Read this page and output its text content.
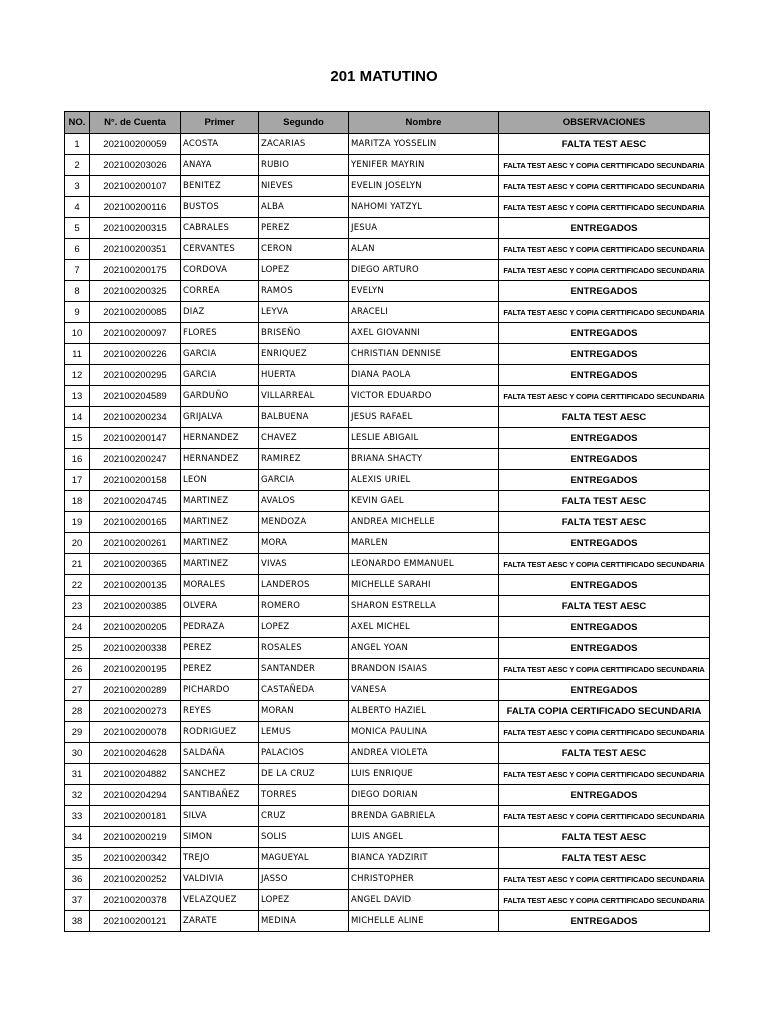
201 MATUTINO
NO.	N°. de Cuenta	Primer	Segundo	Nombre	OBSERVACIONES
1	202100200059	ACOSTA	ZACARIAS	MARITZA YOSSELIN	FALTA TEST AESC
2	202100203026	ANAYA	RUBIO	YENIFER MAYRIN	FALTA TEST AESC Y COPIA CERTTIFICADO SECUNDARIA
3	202100200107	BENITEZ	NIEVES	EVELIN JOSELYN	FALTA TEST AESC Y COPIA CERTTIFICADO SECUNDARIA
4	202100200116	BUSTOS	ALBA	NAHOMI YATZYL	FALTA TEST AESC Y COPIA CERTTIFICADO SECUNDARIA
5	202100200315	CABRALES	PEREZ	JESUA	ENTREGADOS
6	202100200351	CERVANTES	CERON	ALAN	FALTA TEST AESC Y COPIA CERTTIFICADO SECUNDARIA
7	202100200175	CORDOVA	LOPEZ	DIEGO ARTURO	FALTA TEST AESC Y COPIA CERTTIFICADO SECUNDARIA
8	202100200325	CORREA	RAMOS	EVELYN	ENTREGADOS
9	202100200085	DIAZ	LEYVA	ARACELI	FALTA TEST AESC Y COPIA CERTTIFICADO SECUNDARIA
10	202100200097	FLORES	BRISEÑO	AXEL GIOVANNI	ENTREGADOS
11	202100200226	GARCIA	ENRIQUEZ	CHRISTIAN DENNISE	ENTREGADOS
12	202100200295	GARCIA	HUERTA	DIANA PAOLA	ENTREGADOS
13	202100204589	GARDUÑO	VILLARREAL	VICTOR EDUARDO	FALTA TEST AESC Y COPIA CERTTIFICADO SECUNDARIA
14	202100200234	GRIJALVA	BALBUENA	JESUS RAFAEL	FALTA TEST AESC
15	202100200147	HERNANDEZ	CHAVEZ	LESLIE ABIGAIL	ENTREGADOS
16	202100200247	HERNANDEZ	RAMIREZ	BRIANA SHACTY	ENTREGADOS
17	202100200158	LEON	GARCIA	ALEXIS URIEL	ENTREGADOS
18	202100204745	MARTINEZ	AVALOS	KEVIN GAEL	FALTA TEST AESC
19	202100200165	MARTINEZ	MENDOZA	ANDREA MICHELLE	FALTA TEST AESC
20	202100200261	MARTINEZ	MORA	MARLEN	ENTREGADOS
21	202100200365	MARTINEZ	VIVAS	LEONARDO EMMANUEL	FALTA TEST AESC Y COPIA CERTTIFICADO SECUNDARIA
22	202100200135	MORALES	LANDEROS	MICHELLE SARAHI	ENTREGADOS
23	202100200385	OLVERA	ROMERO	SHARON ESTRELLA	FALTA TEST AESC
24	202100200205	PEDRAZA	LOPEZ	AXEL MICHEL	ENTREGADOS
25	202100200338	PEREZ	ROSALES	ANGEL YOAN	ENTREGADOS
26	202100200195	PEREZ	SANTANDER	BRANDON ISAIAS	FALTA TEST AESC Y COPIA CERTTIFICADO SECUNDARIA
27	202100200289	PICHARDO	CASTAÑEDA	VANESA	ENTREGADOS
28	202100200273	REYES	MORAN	ALBERTO HAZIEL	FALTA COPIA CERTIFICADO SECUNDARIA
29	202100200078	RODRIGUEZ	LEMUS	MONICA PAULINA	FALTA TEST AESC Y COPIA CERTTIFICADO SECUNDARIA
30	202100204628	SALDAÑA	PALACIOS	ANDREA VIOLETA	FALTA TEST AESC
31	202100204882	SANCHEZ	DE LA CRUZ	LUIS ENRIQUE	FALTA TEST AESC Y COPIA CERTTIFICADO SECUNDARIA
32	202100204294	SANTIBAÑEZ	TORRES	DIEGO DORIAN	ENTREGADOS
33	202100200181	SILVA	CRUZ	BRENDA GABRIELA	FALTA TEST AESC Y COPIA CERTTIFICADO SECUNDARIA
34	202100200219	SIMON	SOLIS	LUIS ANGEL	FALTA TEST AESC
35	202100200342	TREJO	MAGUEYAL	BIANCA YADZIRIT	FALTA TEST AESC
36	202100200252	VALDIVIA	JASSO	CHRISTOPHER	FALTA TEST AESC Y COPIA CERTTIFICADO SECUNDARIA
37	202100200378	VELAZQUEZ	LOPEZ	ANGEL DAVID	FALTA TEST AESC Y COPIA CERTTIFICADO SECUNDARIA
38	202100200121	ZARATE	MEDINA	MICHELLE ALINE	ENTREGADOS
